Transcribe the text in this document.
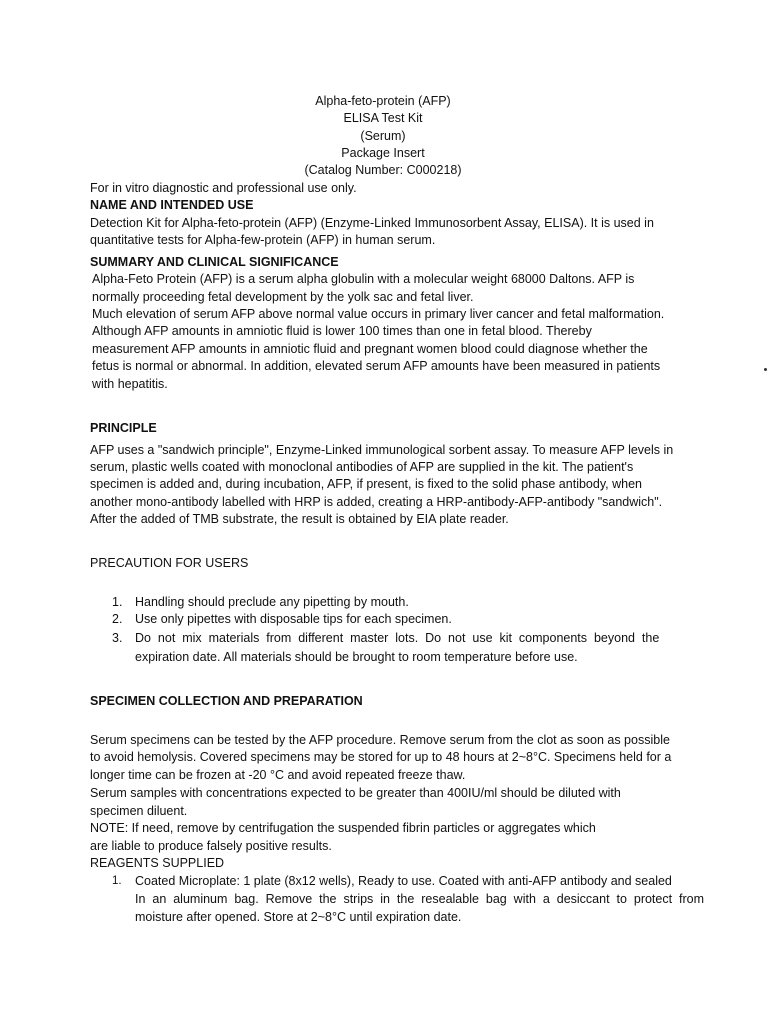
Alpha-feto-protein (AFP)
ELISA Test Kit
(Serum)
Package Insert
(Catalog Number: C000218)
For in vitro diagnostic and professional use only.
NAME AND INTENDED USE
Detection Kit for Alpha-feto-protein (AFP) (Enzyme-Linked Immunosorbent Assay, ELISA). It is used in
quantitative tests for Alpha-few-protein (AFP) in human serum.
SUMMARY AND CLINICAL SIGNIFICANCE
Alpha-Feto Protein (AFP) is a serum alpha globulin with a molecular weight 68000 Daltons. AFP is
normally proceeding fetal development by the yolk sac and fetal liver.
Much elevation of serum AFP above normal value occurs in primary liver cancer and fetal malformation.
Although AFP amounts in amniotic fluid is lower 100 times than one in fetal blood. Thereby
measurement AFP amounts in amniotic fluid and pregnant women blood could diagnose whether the
fetus is normal or abnormal. In addition, elevated serum AFP amounts have been measured in patients
with hepatitis.
PRINCIPLE
AFP uses a "sandwich principle", Enzyme-Linked immunological sorbent assay. To measure AFP levels in
serum, plastic wells coated with monoclonal antibodies of AFP are supplied in the kit. The patient's
specimen is added and, during incubation, AFP, if present, is fixed to the solid phase antibody, when
another mono-antibody labelled with HRP is added, creating a HRP-antibody-AFP-antibody "sandwich".
After the added of TMB substrate, the result is obtained by EIA plate reader.
PRECAUTION FOR USERS
1. Handling should preclude any pipetting by mouth.
2. Use only pipettes with disposable tips for each specimen.
3. Do  not  mix  materials  from  different  master  lots.  Do  not  use  kit  components  beyond  the
expiration date. All materials should be brought to room temperature before use.
SPECIMEN COLLECTION AND PREPARATION
Serum specimens can be tested by the AFP procedure. Remove serum from the clot as soon as possible
to avoid hemolysis. Covered specimens may be stored for up to 48 hours at 2~8°C. Specimens held for a
longer time can be frozen at -20 °C and avoid repeated freeze thaw.
Serum samples with concentrations expected to be greater than 400IU/ml should be diluted with
specimen diluent.
NOTE: If need, remove by centrifugation the suspended fibrin particles or aggregates which
are liable to produce falsely positive results.
REAGENTS SUPPLIED
1. Coated Microplate: 1 plate (8x12 wells), Ready to use. Coated with anti-AFP antibody and sealed
In  an  aluminum  bag.  Remove  the  strips  in  the  resealable  bag  with  a  desiccant  to  protect  from
moisture after opened. Store at 2~8°C until expiration date.
